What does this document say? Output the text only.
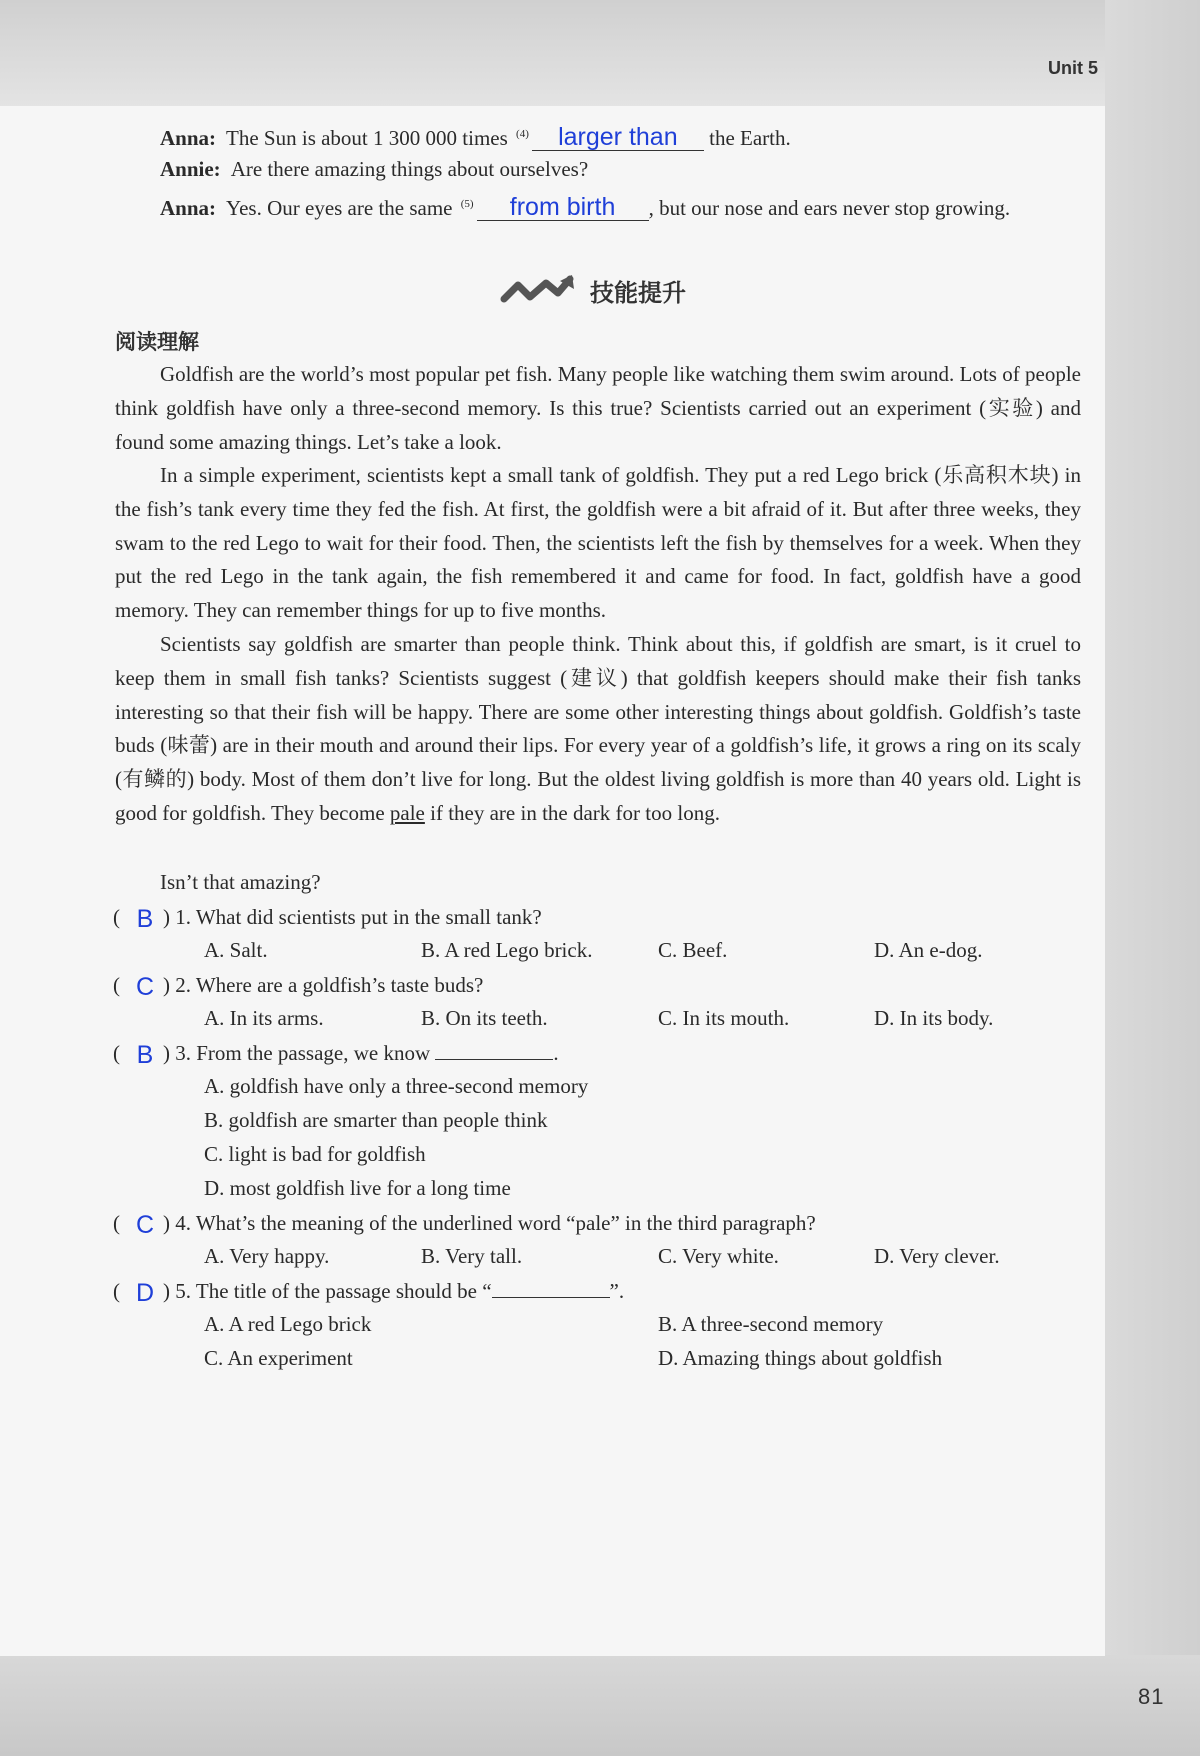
Unit 5
Anna: The Sun is about 1 300 000 times $^{(4)}$ larger than the Earth.
Annie: Are there amazing things about ourselves?
Anna: Yes. Our eyes are the same $^{(5)}$ from birth , but our nose and ears never stop growing.
技能提升
阅读理解

Goldfish are the world’s most popular pet fish. Many people like watching them swim around. Lots of people think goldfish have only a three-second memory. Is this true? Scientists carried out an experiment (实验) and found some amazing things. Let’s take a look.

In a simple experiment, scientists kept a small tank of goldfish. They put a red Lego brick (乐高积木块) in the fish’s tank every time they fed the fish. At first, the goldfish were a bit afraid of it. But after three weeks, they swam to the red Lego to wait for their food. Then, the scientists left the fish by themselves for a week. When they put the red Lego in the tank again, the fish remembered it and came for food. In fact, goldfish have a good memory. They can remember things for up to five months.

Scientists say goldfish are smarter than people think. Think about this, if goldfish are smart, is it cruel to keep them in small fish tanks? Scientists suggest (建议) that goldfish keepers should make their fish tanks interesting so that their fish will be happy. There are some other interesting things about goldfish. Goldfish’s taste buds (味蕾) are in their mouth and around their lips. For every year of a goldfish’s life, it grows a ring on its scaly (有鳞的) body. Most of them don’t live for long. But the oldest living goldfish is more than 40 years old. Light is good for goldfish. They become pale if they are in the dark for too long.

Isn’t that amazing?

( B ) 1. What did scientists put in the small tank?
A. Salt.	B. A red Lego brick.	C. Beef.	D. An e-dog.
( C ) 2. Where are a goldfish’s taste buds?
A. In its arms.	B. On its teeth.	C. In its mouth.	D. In its body.
( B ) 3. From the passage, we know	.
A. goldfish have only a three-second memory
B. goldfish are smarter than people think
C. light is bad for goldfish
D. most goldfish live for a long time
( C ) 4. What’s the meaning of the underlined word “pale” in the third paragraph?
A. Very happy.	B. Very tall.	C. Very white.	D. Very clever.
( D ) 5. The title of the passage should be “	”.
A. A red Lego brick	B. A three-second memory
C. An experiment	D. Amazing things about goldfish
81
